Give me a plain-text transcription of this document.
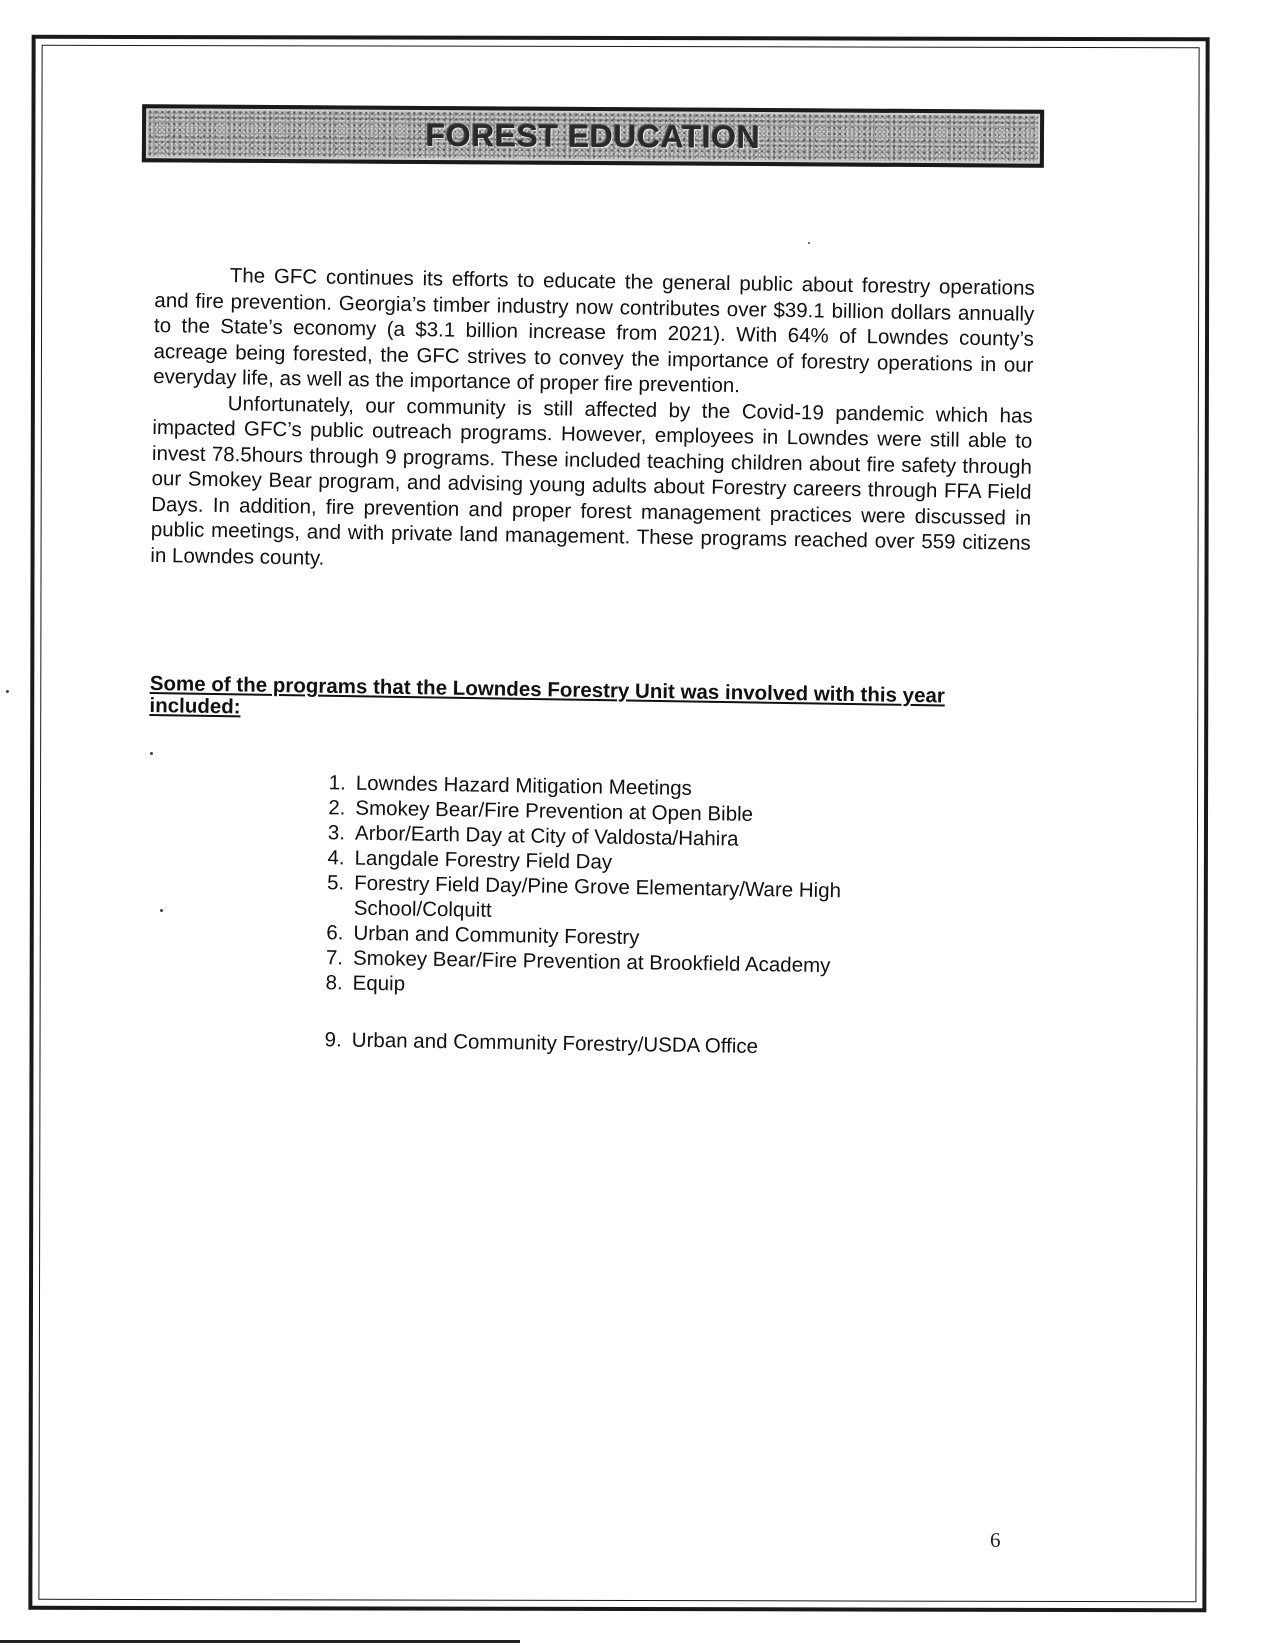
FOREST EDUCATION

The GFC continues its efforts to educate the general public about forestry operations and fire prevention. Georgia’s timber industry now contributes over $39.1 billion dollars annually to the State’s economy (a $3.1 billion increase from 2021). With 64% of Lowndes county’s acreage being forested, the GFC strives to convey the importance of forestry operations in our everyday life, as well as the importance of proper fire prevention.

Unfortunately, our community is still affected by the Covid-19 pandemic which has impacted GFC’s public outreach programs. However, employees in Lowndes were still able to invest 78.5hours through 9 programs. These included teaching children about fire safety through our Smokey Bear program, and advising young adults about Forestry careers through FFA Field Days. In addition, fire prevention and proper forest management practices were discussed in public meetings, and with private land management. These programs reached over 559 citizens in Lowndes county.

Some of the programs that the Lowndes Forestry Unit was involved with this year included:
1. Lowndes Hazard Mitigation Meetings
2. Smokey Bear/Fire Prevention at Open Bible
3. Arbor/Earth Day at City of Valdosta/Hahira
4. Langdale Forestry Field Day
5. Forestry Field Day/Pine Grove Elementary/Ware High School/Colquitt
6. Urban and Community Forestry
7. Smokey Bear/Fire Prevention at Brookfield Academy
8. Equip
9. Urban and Community Forestry/USDA Office
6
